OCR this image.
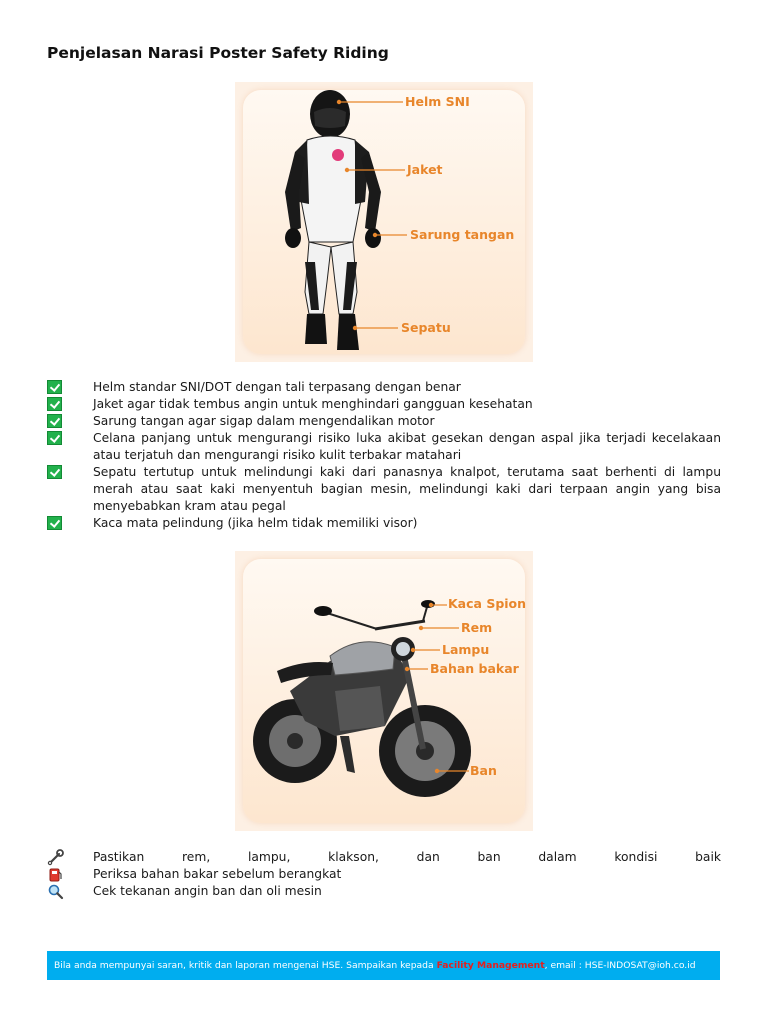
Penjelasan Narasi Poster Safety Riding
Helm SNI
Jaket
Sarung tangan
Sepatu
Helm standar SNI/DOT dengan tali terpasang dengan benar
Jaket agar tidak tembus angin untuk menghindari gangguan kesehatan
Sarung tangan agar sigap dalam mengendalikan motor
Celana panjang untuk mengurangi risiko luka akibat gesekan dengan aspal jika terjadi kecelakaan atau terjatuh dan mengurangi risiko kulit terbakar matahari
Sepatu tertutup untuk melindungi kaki dari panasnya knalpot, terutama saat berhenti di lampu merah atau saat kaki menyentuh bagian mesin, melindungi kaki dari terpaan angin yang bisa menyebabkan kram atau pegal
Kaca mata pelindung (jika helm tidak memiliki visor)
Kaca Spion
Rem
Lampu
Bahan bakar
Ban
Pastikan rem, lampu, klakson, dan ban dalam kondisi baik
Periksa bahan bakar sebelum berangkat
Cek tekanan angin ban dan oli mesin
Bila anda mempunyai saran, kritik dan laporan mengenai HSE. Sampaikan kepada Facility Management, email : HSE-INDOSAT@ioh.co.id
